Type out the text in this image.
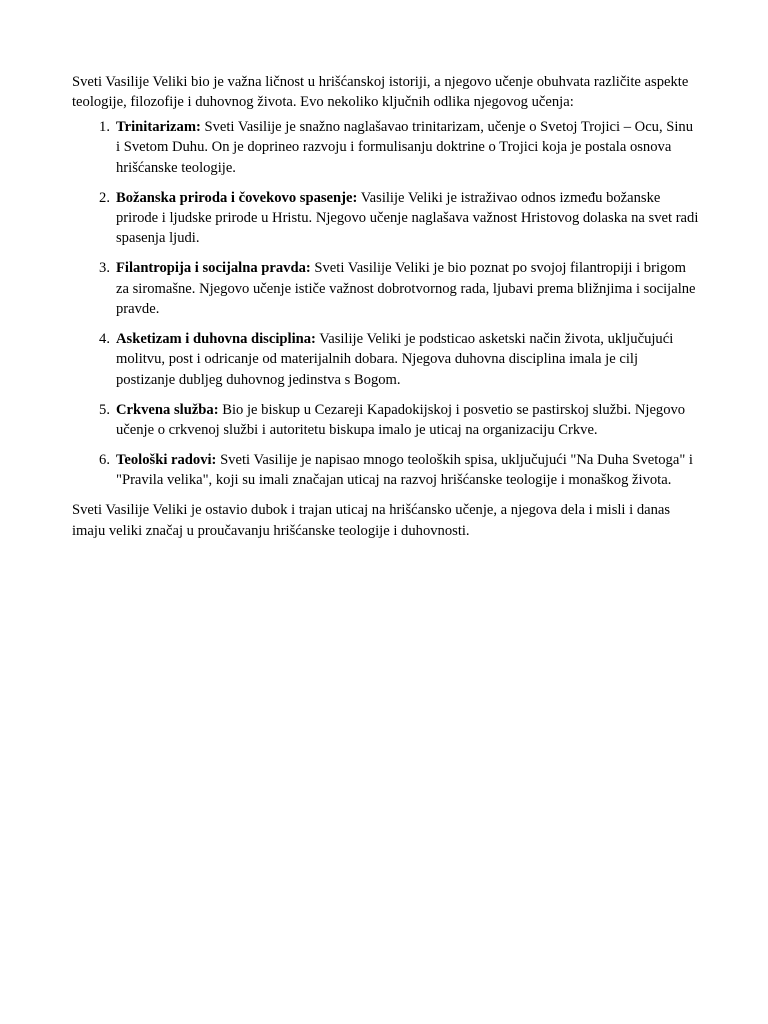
Sveti Vasilije Veliki bio je važna ličnost u hrišćanskoj istoriji, a njegovo učenje obuhvata različite aspekte teologije, filozofije i duhovnog života. Evo nekoliko ključnih odlika njegovog učenja:

1. Trinitarizam: Sveti Vasilije je snažno naglašavao trinitarizam, učenje o Svetoj Trojici – Ocu, Sinu i Svetom Duhu. On je doprineo razvoju i formulisanju doktrine o Trojici koja je postala osnova hrišćanske teologije.
2. Božanska priroda i čovekovo spasenje: Vasilije Veliki je istraživao odnos između božanske prirode i ljudske prirode u Hristu. Njegovo učenje naglašava važnost Hristovog dolaska na svet radi spasenja ljudi.
3. Filantropija i socijalna pravda: Sveti Vasilije Veliki je bio poznat po svojoj filantropiji i brigom za siromašne. Njegovo učenje ističe važnost dobrotvornog rada, ljubavi prema bližnjima i socijalne pravde.
4. Asketizam i duhovna disciplina: Vasilije Veliki je podsticao asketski način života, uključujući molitvu, post i odricanje od materijalnih dobara. Njegova duhovna disciplina imala je cilj postizanje dubljeg duhovnog jedinstva s Bogom.
5. Crkvena služba: Bio je biskup u Cezareji Kapadokijskoj i posvetio se pastirskoj službi. Njegovo učenje o crkvenoj službi i autoritetu biskupa imalo je uticaj na organizaciju Crkve.
6. Teološki radovi: Sveti Vasilije je napisao mnogo teoloških spisa, uključujući "Na Duha Svetoga" i "Pravila velika", koji su imali značajan uticaj na razvoj hrišćanske teologije i monaškog života.

Sveti Vasilije Veliki je ostavio dubok i trajan uticaj na hrišćansko učenje, a njegova dela i misli i danas imaju veliki značaj u proučavanju hrišćanske teologije i duhovnosti.
